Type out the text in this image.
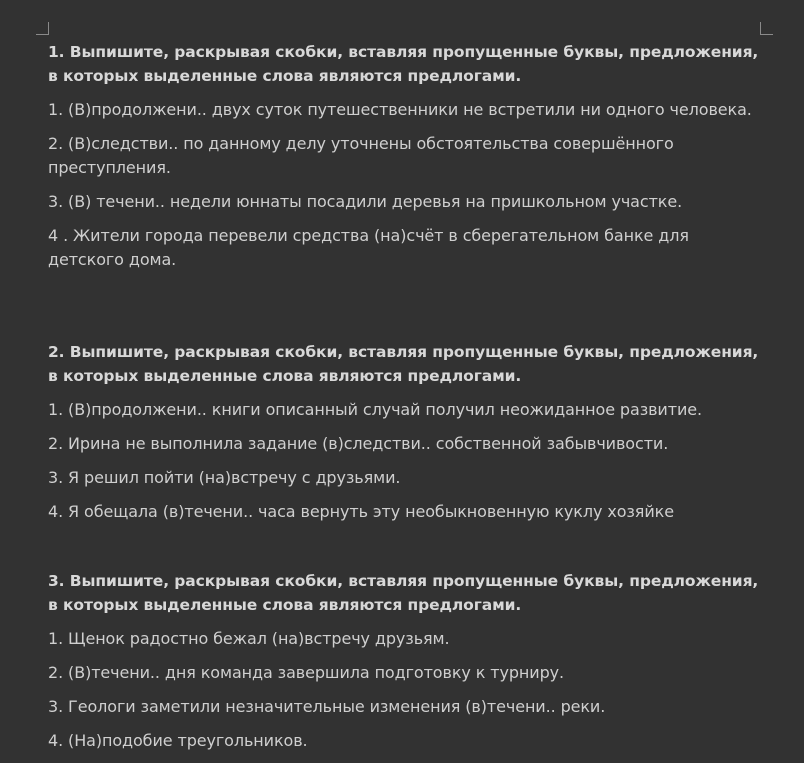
1. Выпишите, раскрывая скобки, вставляя пропущенные буквы, предложения, в которых выделенные слова являются предлогами.

1. (В)продолжени.. двух суток путешественники не встретили ни одного человека.

2. (В)следстви.. по данному делу уточнены обстоятельства совершённого преступления.

3. (В) течени.. недели юннаты посадили деревья на пришкольном участке.

4 . Жители города перевели средства (на)счёт в сберегательном банке для детского дома.

2. Выпишите, раскрывая скобки, вставляя пропущенные буквы, предложения, в которых выделенные слова являются предлогами.

1. (В)продолжени.. книги описанный случай получил неожиданное развитие.

2. Ирина не выполнила задание (в)следстви.. собственной забывчивости.

3. Я решил пойти (на)встречу с друзьями.

4. Я обещала (в)течени.. часа вернуть эту необыкновенную куклу хозяйке

3. Выпишите, раскрывая скобки, вставляя пропущенные буквы, предложения, в которых выделенные слова являются предлогами.

1. Щенок радостно бежал (на)встречу друзьям.

2. (В)течени.. дня команда завершила подготовку к турниру.

3. Геологи заметили незначительные изменения (в)течени.. реки.

4. (На)подобие треугольников.
